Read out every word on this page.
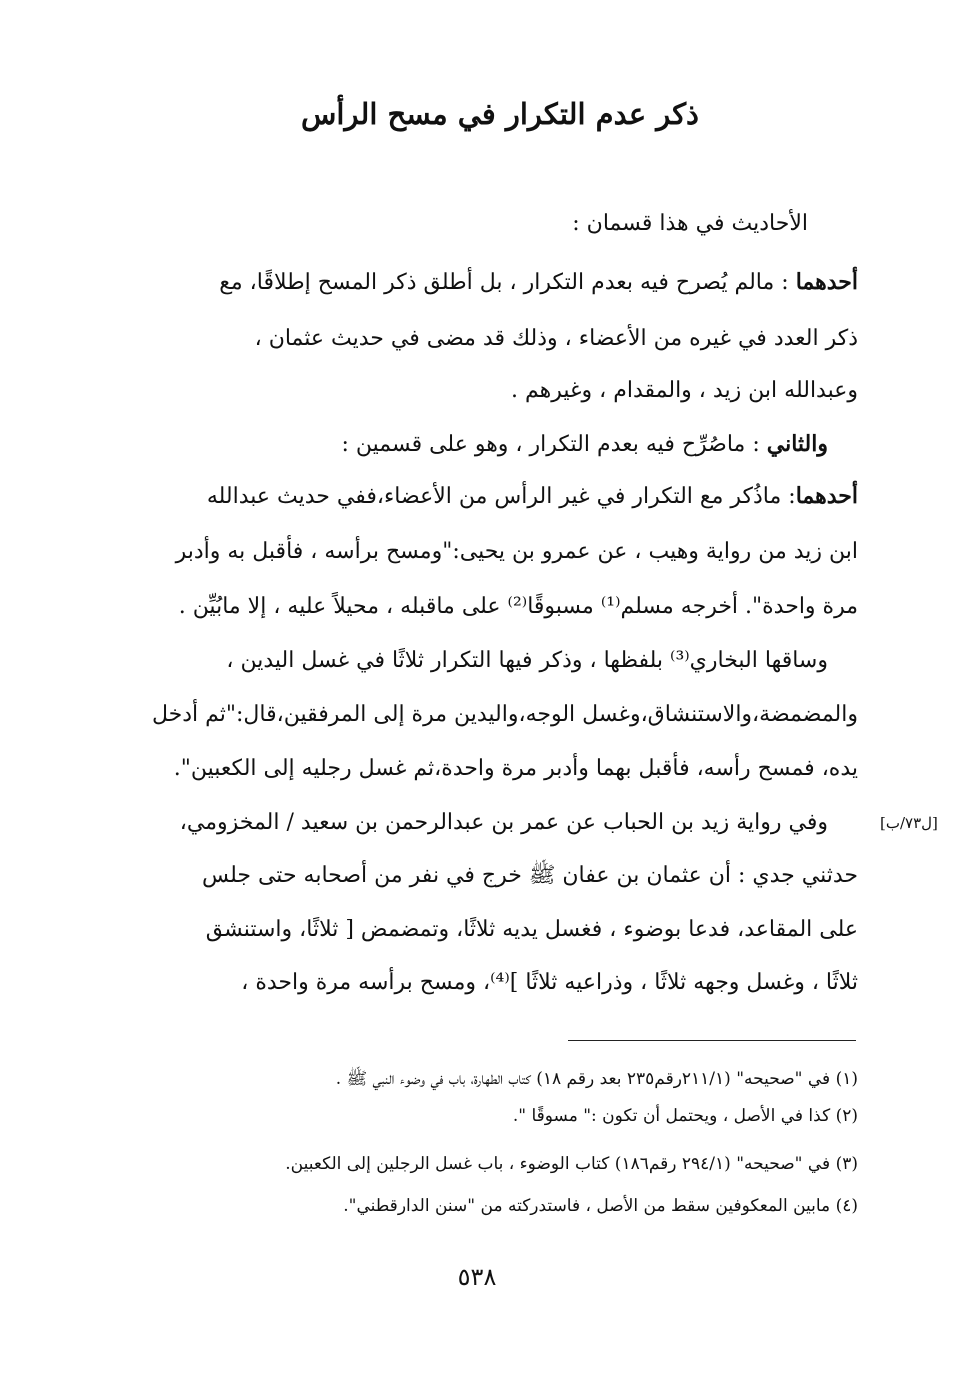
ذكر عدم التكرار في مسح الرأس
الأحاديث في هذا قسمان :
أحدهما : مالم يُصرح فيه بعدم التكرار ، بل أطلق ذكر المسح إطلاقًا، مع
ذكر العدد في غيره من الأعضاء ، وذلك قد مضى في حديث عثمان ،
وعبدالله ابن زيد ، والمقدام ، وغيرهم .
والثاني : ماصُرِّح فيه بعدم التكرار ، وهو على قسمين :
أحدهما: ماذُكر مع التكرار في غير الرأس من الأعضاء،ففي حديث عبدالله
ابن زيد من رواية وهيب ، عن عمرو بن يحيى:"ومسح برأسه ، فأقبل به وأدبر
مرة واحدة". أخرجه مسلم⁽¹⁾ مسبوقًا⁽²⁾ على ماقبله ، محيلاً عليه ، إلا مابُيِّن .
وساقها البخاري⁽³⁾ بلفظها ، وذكر فيها التكرار ثلاثًا في غسل اليدين ،
والمضمضة،والاستنشاق،وغسل الوجه،واليدين مرة إلى المرفقين،قال:"ثم أدخل
يده، فمسح رأسه، فأقبل بهما وأدبر مرة واحدة،ثم غسل رجليه إلى الكعبين".
وفي رواية زيد بن الحباب عن عمر بن عبدالرحمن بن سعيد / المخزومي،	[ل٧٣/ب]
حدثني جدي : أن عثمان بن عفان ﷺ خرج في نفر من أصحابه حتى جلس
على المقاعد، فدعا بوضوء ، فغسل يديه ثلاثًا، وتمضمض [ ثلاثًا، واستنشق
ثلاثًا ، وغسل وجهه ثلاثًا ، وذراعيه ثلاثًا ]⁽⁴⁾، ومسح برأسه مرة واحدة ،
(١) في "صحيحه" (٢١١/١رقم٢٣٥ بعد رقم ١٨) كتاب الطهارة، باب في وضوء النبي ﷺ .
(٢) كذا في الأصل ، ويحتمل أن تكون :" مسوقًا ".
(٣) في "صحيحه" (٢٩٤/١ رقم١٨٦) كتاب الوضوء ، باب غسل الرجلين إلى الكعبين.
(٤) مابين المعكوفين سقط من الأصل ، فاستدركته من "سنن الدارقطني".
٥٣٨
